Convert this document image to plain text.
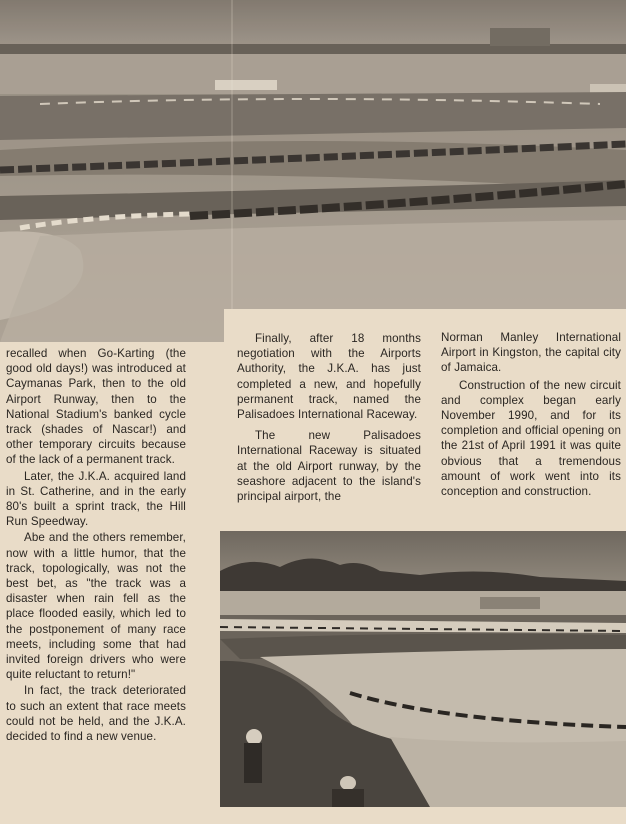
recalled when Go-Karting (the good old days!) was introduced at Caymanas Park, then to the old Airport Runway, then to the National Stadium's banked cycle track (shades of Nascar!) and other temporary circuits because of the lack of a permanent track.

Later, the J.K.A. acquired land in St. Catherine, and in the early 80's built a sprint track, the Hill Run Speedway.

Abe and the others remember, now with a little humor, that the track, topologically, was not the best bet, as "the track was a disaster when rain fell as the place flooded easily, which led to the postponement of many race meets, including some that had invited foreign drivers who were quite reluctant to return!"

In fact, the track deteriorated to such an extent that race meets could not be held, and the J.K.A. decided to find a new venue.

Finally, after 18 months negotiation with the Airports Authority, the J.K.A. has just completed a new, and hopefully permanent track, named the Palisadoes International Raceway.

The new Palisadoes International Raceway is situated at the old Airport runway, by the seashore adjacent to the island's principal airport, the

Norman Manley International Airport in Kingston, the capital city of Jamaica.

Construction of the new circuit and complex began early November 1990, and for its completion and official opening on the 21st of April 1991 it was quite obvious that a tremendous amount of work went into its conception and construction.
